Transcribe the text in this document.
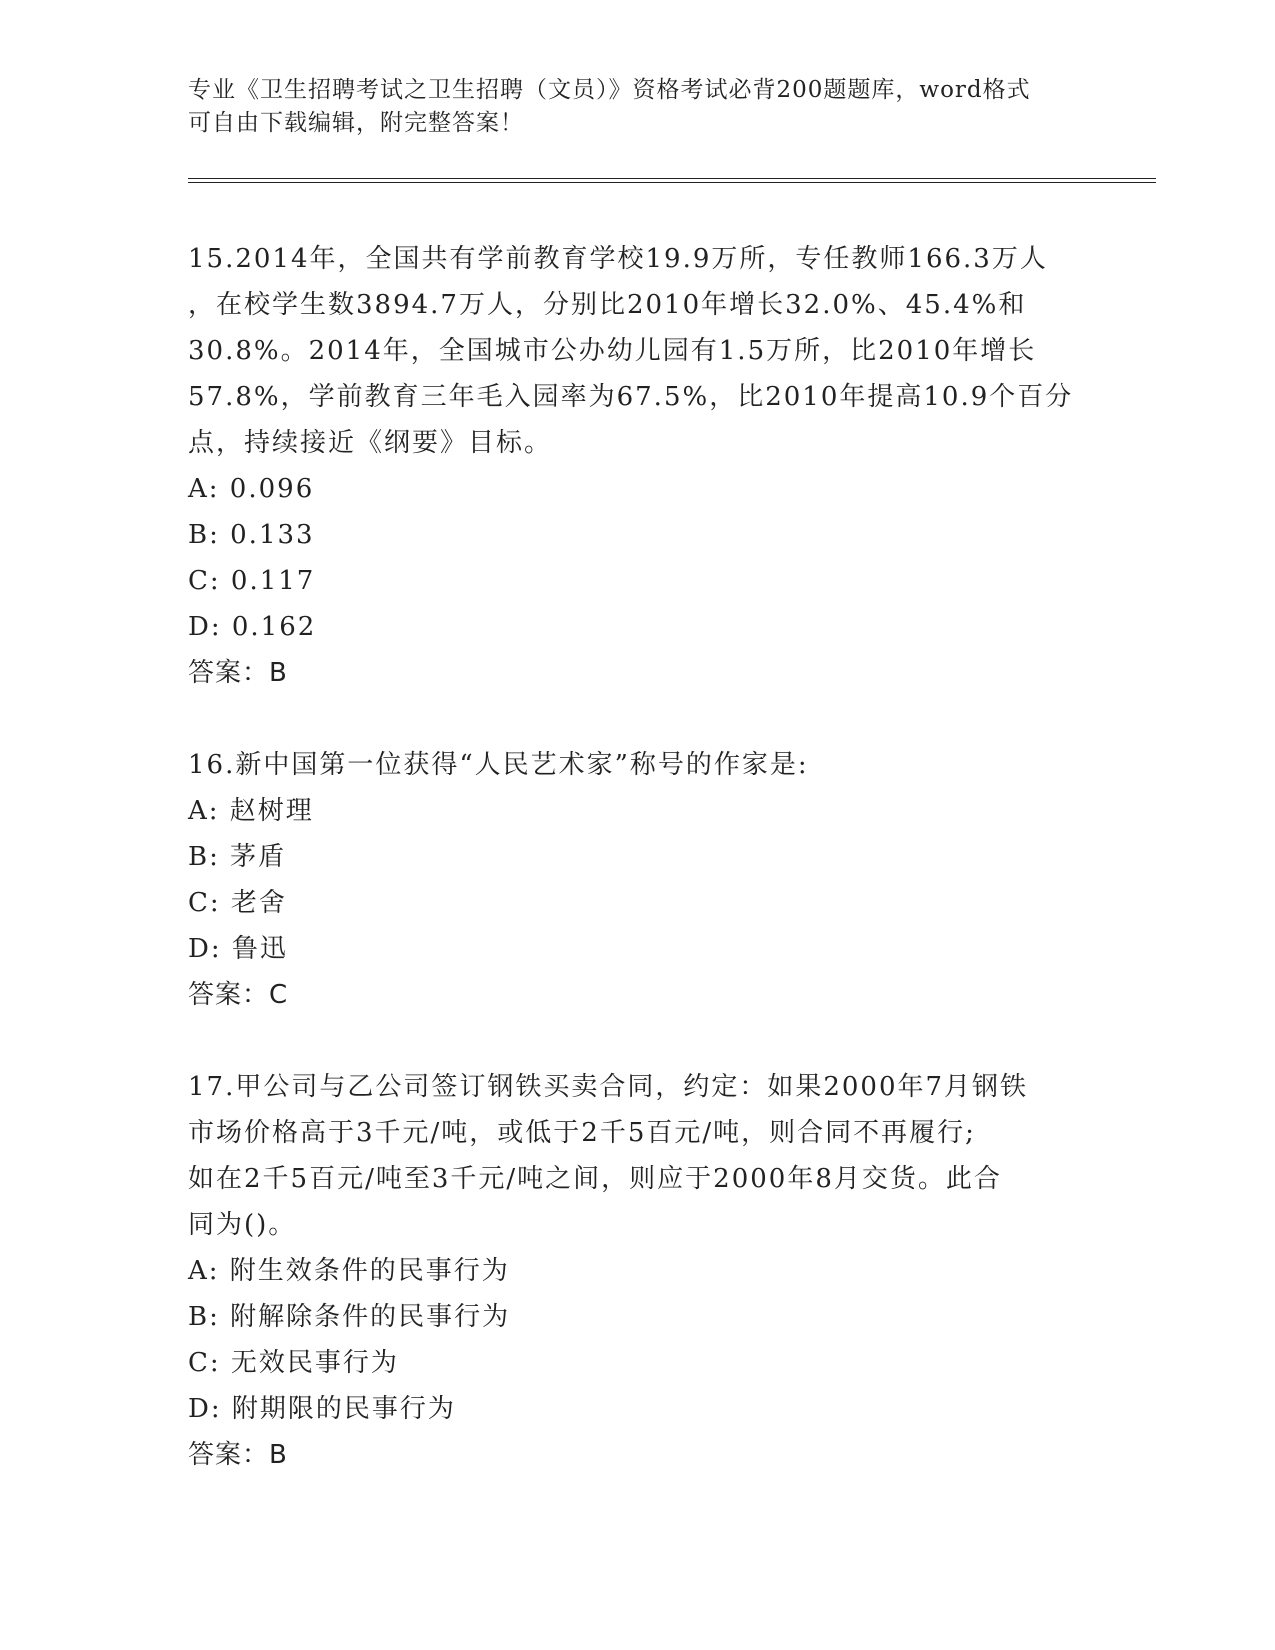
专业《卫生招聘考试之卫生招聘（文员）》资格考试必背200题题库，word格式
可自由下载编辑，附完整答案！

15.2014年，全国共有学前教育学校19.9万所，专任教师166.3万人

，在校学生数3894.7万人，分别比2010年增长32.0%、45.4%和

30.8%。2014年，全国城市公办幼儿园有1.5万所，比2010年增长

57.8%，学前教育三年毛入园率为67.5%，比2010年提高10.9个百分

点，持续接近《纲要》目标。

A: 0.096

B: 0.133

C: 0.117

D: 0.162

答案：B

16.新中国第一位获得“人民艺术家”称号的作家是:

A: 赵树理

B: 茅盾

C: 老舍

D: 鲁迅

答案：C

17.甲公司与乙公司签订钢铁买卖合同，约定：如果2000年7月钢铁

市场价格高于3千元/吨，或低于2千5百元/吨，则合同不再履行;

如在2千5百元/吨至3千元/吨之间，则应于2000年8月交货。此合

同为()。

A: 附生效条件的民事行为

B: 附解除条件的民事行为

C: 无效民事行为

D: 附期限的民事行为

答案：B
